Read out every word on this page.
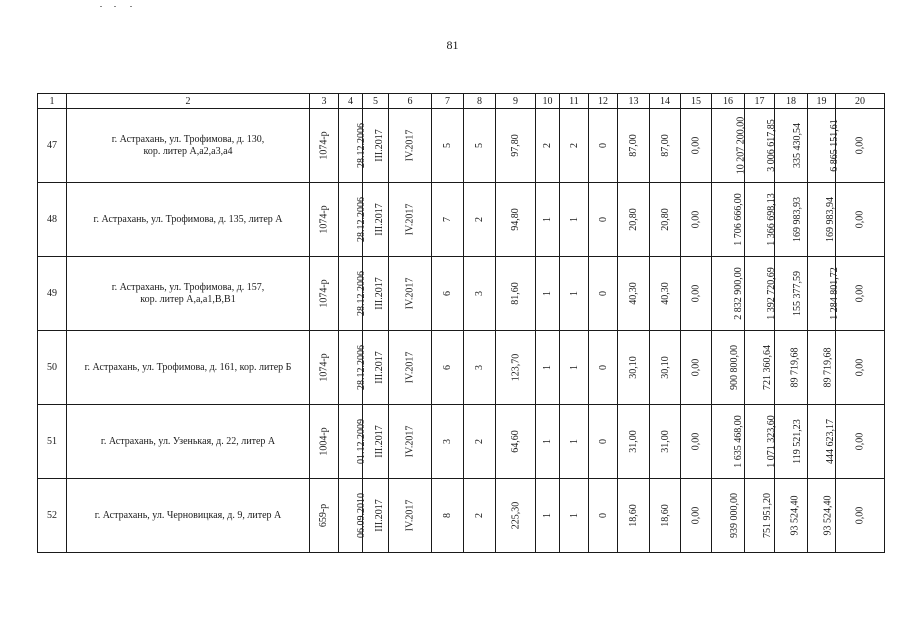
81
1	2	3	4	5	6	7	8	9	10	11	12	13	14	15	16	17	18	19	20
47	г. Астрахань, ул. Трофимова, д. 130,
кор. литер А,а2,а3,а4	1074-р	28.12.2006	III.2017	IV.2017	5	5	97,80	2	2	0	87,00	87,00	0,00	10 207 200,00	3 006 617,85	335 430,54	6 865 151,61	0,00
48	г. Астрахань, ул. Трофимова, д. 135, литер А	1074-р	28.12.2006	III.2017	IV.2017	7	2	94,80	1	1	0	20,80	20,80	0,00	1 706 666,00	1 366 698,13	169 983,93	169 983,94	0,00
49	г. Астрахань, ул. Трофимова, д. 157,
кор. литер А,а,а1,В,В1	1074-р	28.12.2006	III.2017	IV.2017	6	3	81,60	1	1	0	40,30	40,30	0,00	2 832 900,00	1 392 720,69	155 377,59	1 284 801,72	0,00
50	г. Астрахань, ул. Трофимова, д. 161, кор. литер Б	1074-р	28.12.2006	III.2017	IV.2017	6	3	123,70	1	1	0	30,10	30,10	0,00	900 800,00	721 360,64	89 719,68	89 719,68	0,00
51	г. Астрахань, ул. Узенькая, д. 22, литер А	1004-р	01.12.2009	III.2017	IV.2017	3	2	64,60	1	1	0	31,00	31,00	0,00	1 635 468,00	1 071 323,60	119 521,23	444 623,17	0,00
52	г. Астрахань, ул. Черновицкая, д. 9, литер А	659-р	06.09.2010	III.2017	IV.2017	8	2	225,30	1	1	0	18,60	18,60	0,00	939 000,00	751 951,20	93 524,40	93 524,40	0,00
